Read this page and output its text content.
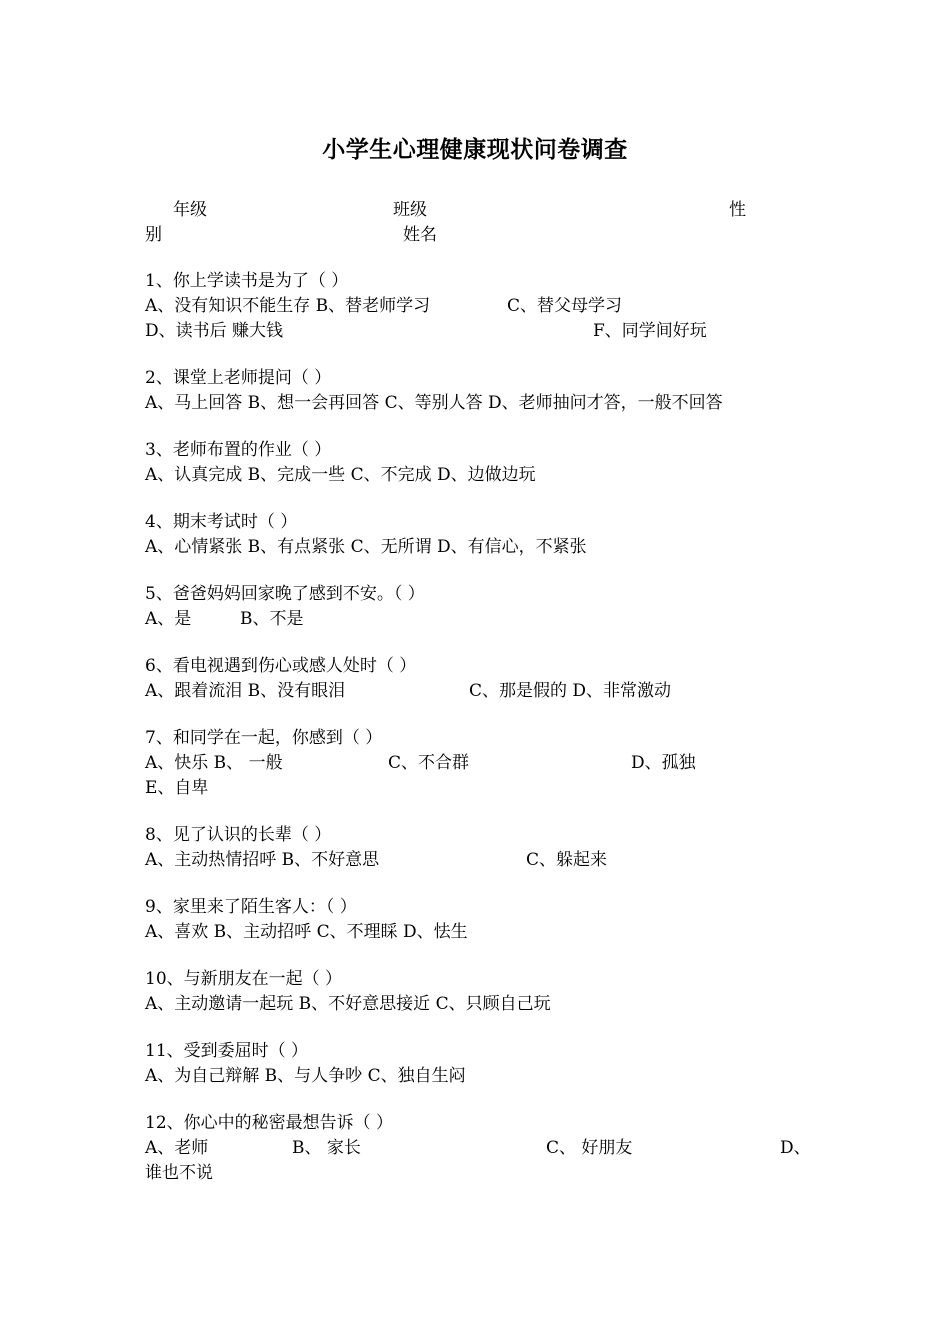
小学生心理健康现状问卷调查
年级	班级	性
别	姓名
1、你上学读书是为了（ ）
A、没有知识不能生存 B、替老师学习	C、替父母学习
D、读书后 赚大钱	F、同学间好玩
2、课堂上老师提问（ ）
A、马上回答 B、想一会再回答 C、等别人答 D、老师抽问才答，一般不回答
3、老师布置的作业（ ）
A、认真完成 B、完成一些 C、不完成 D、边做边玩
4、期末考试时（ ）
A、心情紧张 B、有点紧张 C、无所谓 D、有信心，不紧张
5、爸爸妈妈回家晚了感到不安。（ ）
A、是	B、不是
6、看电视遇到伤心或感人处时（ ）
A、跟着流泪 B、没有眼泪	C、那是假的 D、非常激动
7、和同学在一起，你感到（ ）
A、快乐 B、 一般	C、不合群	D、孤独
E、自卑
8、见了认识的长辈（ ）
A、主动热情招呼 B、不好意思	C、躲起来
9、家里来了陌生客人：（ ）
A、喜欢 B、主动招呼 C、不理睬 D、怯生
10、与新朋友在一起（ ）
A、主动邀请一起玩 B、不好意思接近 C、只顾自己玩
11、受到委屈时（ ）
A、为自己辩解 B、与人争吵 C、独自生闷
12、你心中的秘密最想告诉（ ）
A、老师	B、 家长	C、 好朋友	D、
谁也不说
